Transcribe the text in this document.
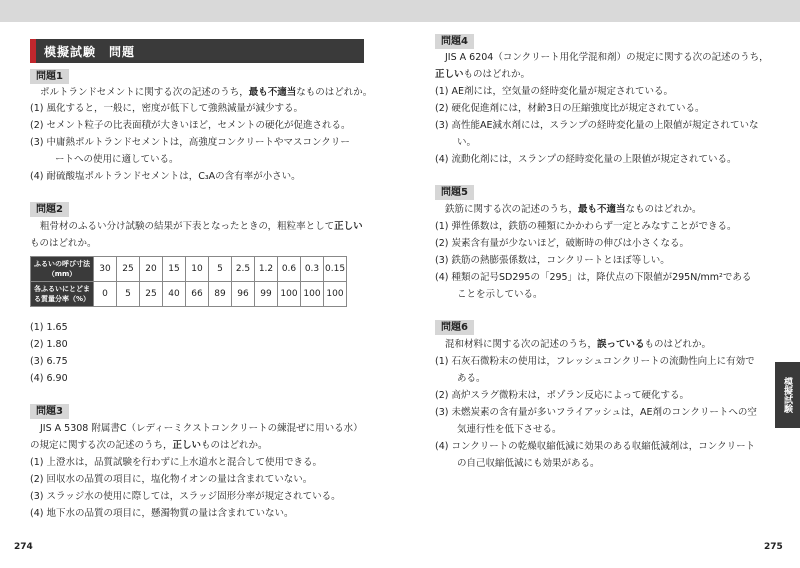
模擬試験　問題
問題1
ポルトランドセメントに関する次の記述のうち，最も不適当なものはどれか。
(1) 風化すると，一般に，密度が低下して強熱減量が減少する。
(2) セメント粒子の比表面積が大きいほど，セメントの硬化が促進される。
(3) 中庸熱ポルトランドセメントは，高強度コンクリートやマスコンクリー
ートへの使用に適している。
(4) 耐硫酸塩ポルトランドセメントは，C₃Aの含有率が小さい。
問題2
粗骨材のふるい分け試験の結果が下表となったときの，粗粒率として正しい
ものはどれか。
ふるいの呼び寸法（mm）	30	25	20	15	10	5	2.5	1.2	0.6	0.3	0.15
各ふるいにとどまる質量分率（%）	0	5	25	40	66	89	96	99	100	100	100
(1) 1.65
(2) 1.80
(3) 6.75
(4) 6.90
問題3
JIS A 5308 附属書C（レディーミクストコンクリートの練混ぜに用いる水）
の規定に関する次の記述のうち，正しいものはどれか。
(1) 上澄水は，品質試験を行わずに上水道水と混合して使用できる。
(2) 回収水の品質の項目に，塩化物イオンの量は含まれていない。
(3) スラッジ水の使用に際しては，スラッジ固形分率が規定されている。
(4) 地下水の品質の項目に，懸濁物質の量は含まれていない。
274
問題4
JIS A 6204（コンクリート用化学混和剤）の規定に関する次の記述のうち，
正しいものはどれか。
(1) AE剤には，空気量の経時変化量が規定されている。
(2) 硬化促進剤には，材齢3日の圧縮強度比が規定されている。
(3) 高性能AE減水剤には，スランプの経時変化量の上限値が規定されていな
い。
(4) 流動化剤には，スランプの経時変化量の上限値が規定されている。
問題5
鉄筋に関する次の記述のうち，最も不適当なものはどれか。
(1) 弾性係数は，鉄筋の種類にかかわらず一定とみなすことができる。
(2) 炭素含有量が少ないほど，破断時の伸びは小さくなる。
(3) 鉄筋の熱膨張係数は，コンクリートとほぼ等しい。
(4) 種類の記号SD295の「295」は，降伏点の下限値が295N/mm²である
ことを示している。
問題6
混和材料に関する次の記述のうち，誤っているものはどれか。
(1) 石灰石微粉末の使用は，フレッシュコンクリートの流動性向上に有効で
ある。
(2) 高炉スラグ微粉末は，ポゾラン反応によって硬化する。
(3) 未燃炭素の含有量が多いフライアッシュは，AE剤のコンクリートへの空
気連行性を低下させる。
(4) コンクリートの乾燥収縮低減に効果のある収縮低減剤は，コンクリート
の自己収縮低減にも効果がある。
275
模擬試験
